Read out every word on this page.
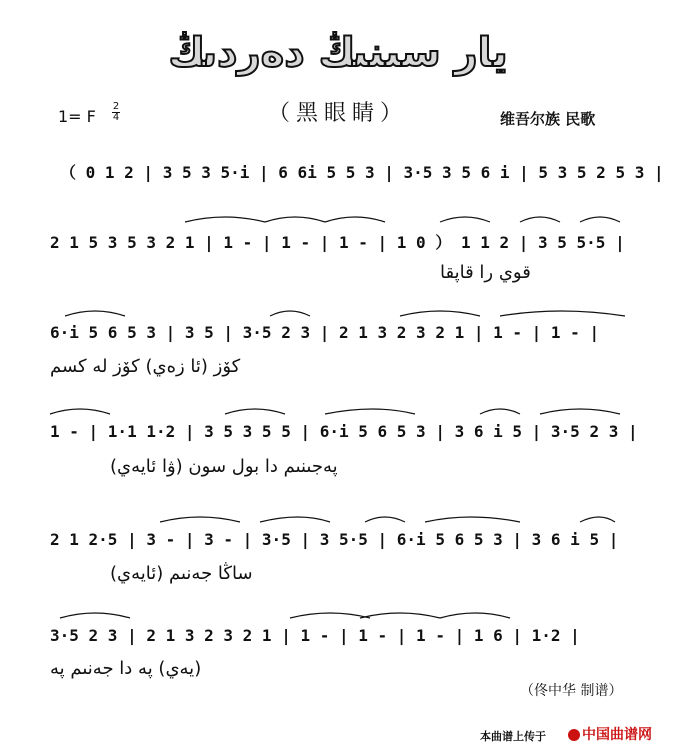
يار سىنىڭ دەردىڭ
（黑眼睛）
1= F
2
4	维吾尔族 民歌
（ 0 1 2 | 3 5 3 5·i | 6 6i 5 5 3 | 3·5 3 5 6 i | 5 3 5 2 5 3 |
2 1 5 3 5 3 2 1 | 1 - | 1 - | 1 - | 1 0 ） 1 1 2 | 3 5 5·5 |
قوي را قاپقا
6·i 5 6 5 3 | 3 5 | 3·5 2 3 | 2 1 3 2 3 2 1 | 1 - | 1 - |
كۆز (ئا زەي) كۆز لە كسم
1 - | 1·1 1·2 | 3 5 3 5 5 | 6·i 5 6 5 3 | 3 6 i 5 | 3·5 2 3 |
پەجىنىم دا بول سون (ۋا ئايەي)
2 1 2·5 | 3 - | 3 - | 3·5 | 3 5·5 | 6·i 5 6 5 3 | 3 6 i 5 |
ساڭا جەنىم (ئايەي)
3·5 2 3 | 2 1 3 2 3 2 1 | 1 - | 1 - | 1 - | 1 6 | 1·2 |
(يەي) پە دا جەنىم پە
（佟中华 制谱）
本曲谱上传于	中国曲谱网
